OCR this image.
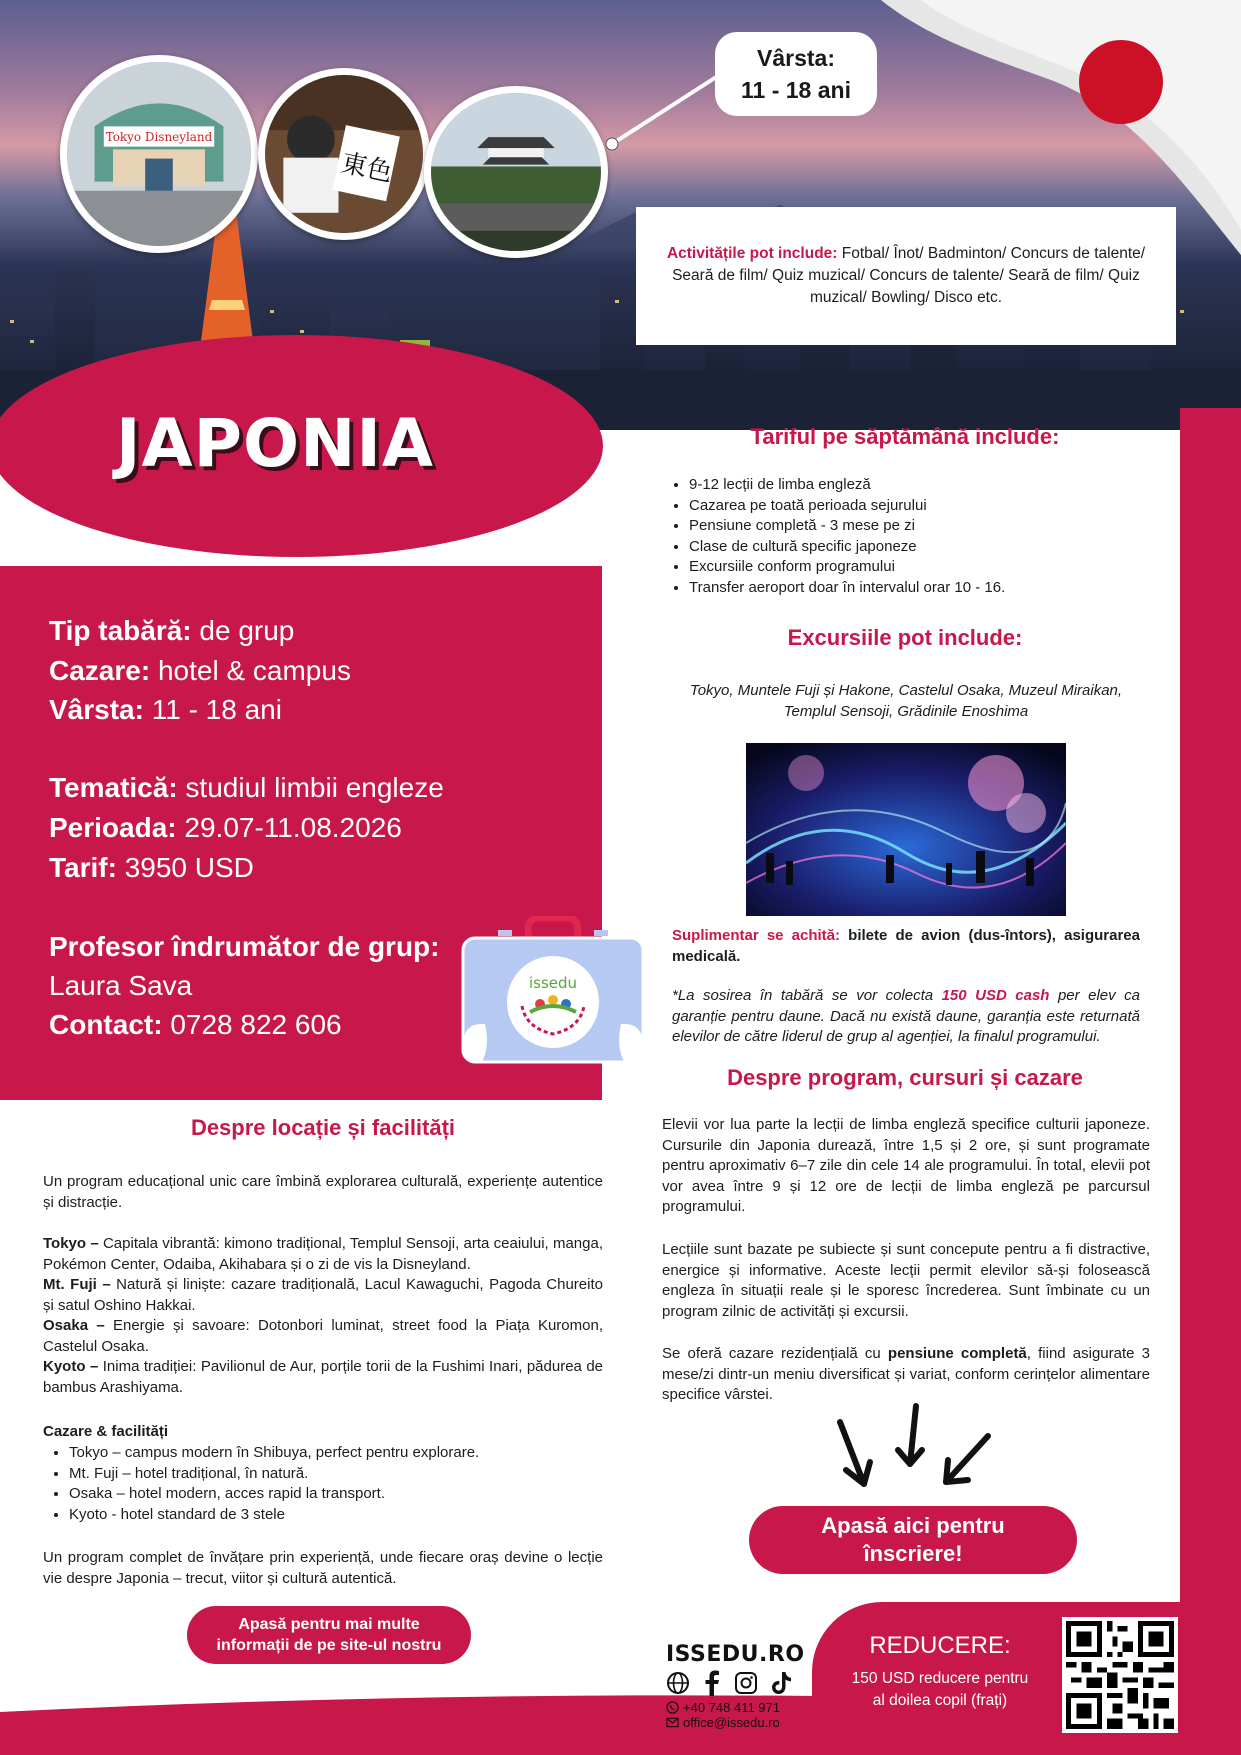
Tokyo Disneyland
東色
Vârsta:
11 - 18 ani
Activitățile pot include: Fotbal/ Înot/ Badminton/ Concurs de talente/ Seară de film/ Quiz muzical/ Concurs de talente/ Seară de film/ Quiz muzical/ Bowling/ Disco etc.
JAPONIA
Tip tabără: de grup
Cazare: hotel & campus
Vârsta: 11 - 18 ani
Tematică: studiul limbii engleze
Perioada: 29.07-11.08.2026
Tarif: 3950 USD
Profesor îndrumător de grup:
Laura Sava
Contact: 0728 822 606
issedu
Tariful pe săptămână include:
• 9-12 lecții de limba engleză
• Cazarea pe toată perioada sejurului
• Pensiune completă - 3 mese pe zi
• Clase de cultură specific japoneze
• Excursiile conform programului
• Transfer aeroport doar în intervalul orar 10 - 16.
Excursiile pot include:
Tokyo, Muntele Fuji și Hakone, Castelul Osaka, Muzeul Miraikan, Templul Sensoji, Grădinile Enoshima
Suplimentar se achită: bilete de avion (dus-întors), asigurarea medicală.
*La sosirea în tabără se vor colecta 150 USD cash per elev ca garanție pentru daune. Dacă nu există daune, garanția este returnată elevilor de către liderul de grup al agenției, la finalul programului.
Despre program, cursuri și cazare
Elevii vor lua parte la lecții de limba engleză specifice culturii japoneze. Cursurile din Japonia durează, între 1,5 și 2 ore, și sunt programate pentru aproximativ 6–7 zile din cele 14 ale programului. În total, elevii pot vor avea între 9 și 12 ore de lecții de limba engleză pe parcursul programului.
Lecțiile sunt bazate pe subiecte și sunt concepute pentru a fi distractive, energice și informative. Aceste lecții permit elevilor să-și folosească engleza în situații reale și le sporesc încrederea. Sunt îmbinate cu un program zilnic de activități și excursii.
Se oferă cazare rezidențială cu pensiune completă, fiind asigurate 3 mese/zi dintr-un meniu diversificat și variat, conform cerințelor alimentare specifice vârstei.
Apasă aici pentru
înscriere!
Despre locație și facilități
Un program educațional unic care îmbină explorarea culturală, experiențe autentice și distracție.
Tokyo – Capitala vibrantă: kimono tradițional, Templul Sensoji, arta ceaiului, manga, Pokémon Center, Odaiba, Akihabara și o zi de vis la Disneyland.
Mt. Fuji – Natură și liniște: cazare tradițională, Lacul Kawaguchi, Pagoda Chureito și satul Oshino Hakkai.
Osaka – Energie și savoare: Dotonbori luminat, street food la Piața Kuromon, Castelul Osaka.
Kyoto – Inima tradiției: Pavilionul de Aur, porțile torii de la Fushimi Inari, pădurea de bambus Arashiyama.
Cazare & facilități
• Tokyo – campus modern în Shibuya, perfect pentru explorare.
• Mt. Fuji – hotel tradițional, în natură.
• Osaka – hotel modern, acces rapid la transport.
• Kyoto - hotel standard de 3 stele
Un program complet de învățare prin experiență, unde fiecare oraș devine o lecție vie despre Japonia – trecut, viitor și cultură autentică.
Apasă pentru mai multe
informații de pe site-ul nostru	REDUCERE:
150 USD reducere pentru
al doilea copil (frați)
ISSEDU.RO
+40 748 411 971
office@issedu.ro
